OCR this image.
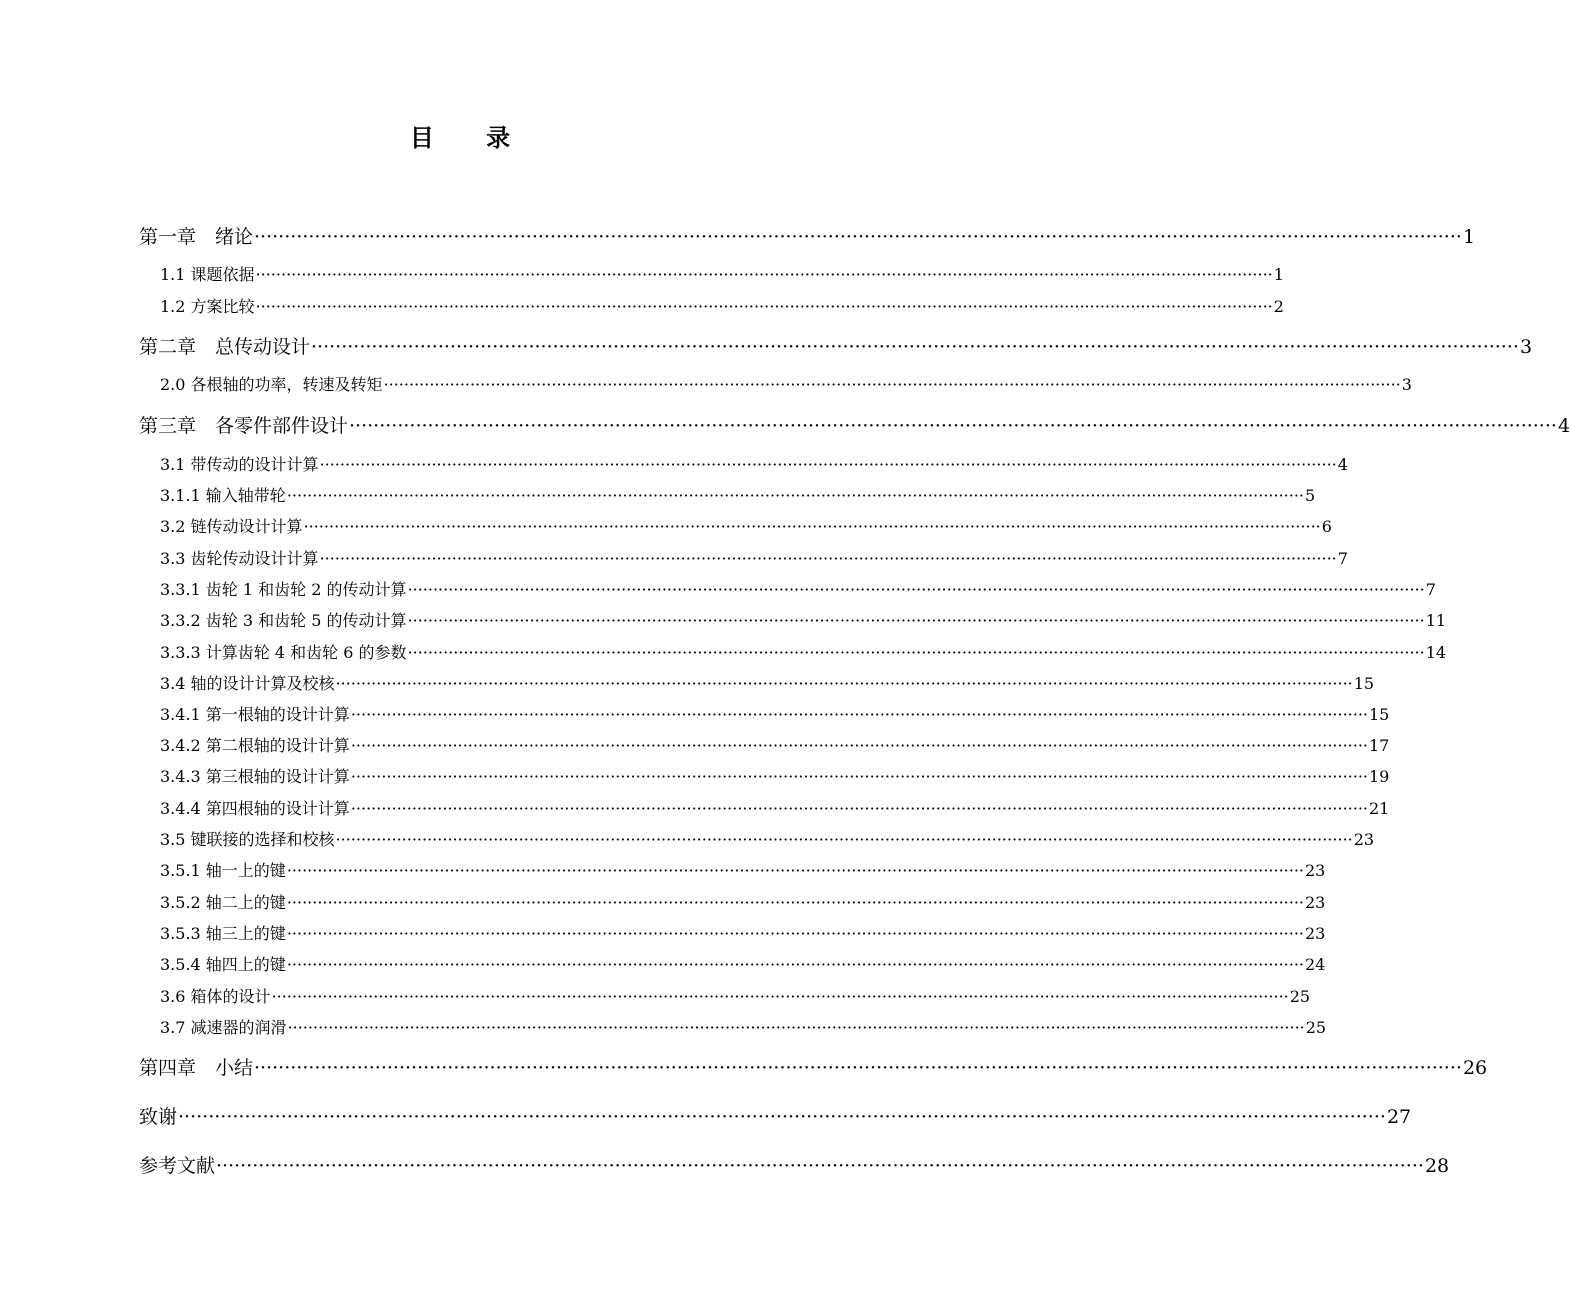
目 录
第一章　绪论 ········································································································································································································ 1
1.1 课题依据 ········································································································································································································ 1
1.2 方案比较 ········································································································································································································ 2
第二章　总传动设计 ········································································································································································································ 3
2.0 各根轴的功率，转速及转矩 ········································································································································································································ 3
第三章　各零件部件设计 ········································································································································································································ 4
3.1 带传动的设计计算 ········································································································································································································ 4
3.1.1 输入轴带轮 ········································································································································································································ 5
3.2 链传动设计计算 ········································································································································································································ 6
3.3 齿轮传动设计计算 ········································································································································································································ 7
3.3.1 齿轮 1 和齿轮 2 的传动计算 ········································································································································································································ 7
3.3.2 齿轮 3 和齿轮 5 的传动计算 ········································································································································································································ 11
3.3.3 计算齿轮 4 和齿轮 6 的参数 ········································································································································································································ 14
3.4 轴的设计计算及校核 ········································································································································································································ 15
3.4.1 第一根轴的设计计算 ········································································································································································································ 15
3.4.2 第二根轴的设计计算 ········································································································································································································ 17
3.4.3 第三根轴的设计计算 ········································································································································································································ 19
3.4.4 第四根轴的设计计算 ········································································································································································································ 21
3.5 键联接的选择和校核 ········································································································································································································ 23
3.5.1 轴一上的键 ········································································································································································································ 23
3.5.2 轴二上的键 ········································································································································································································ 23
3.5.3 轴三上的键 ········································································································································································································ 23
3.5.4 轴四上的键 ········································································································································································································ 24
3.6 箱体的设计 ········································································································································································································ 25
3.7 减速器的润滑 ········································································································································································································ 25
第四章　小结 ········································································································································································································ 26
致谢 ········································································································································································································ 27
参考文献 ········································································································································································································ 28
